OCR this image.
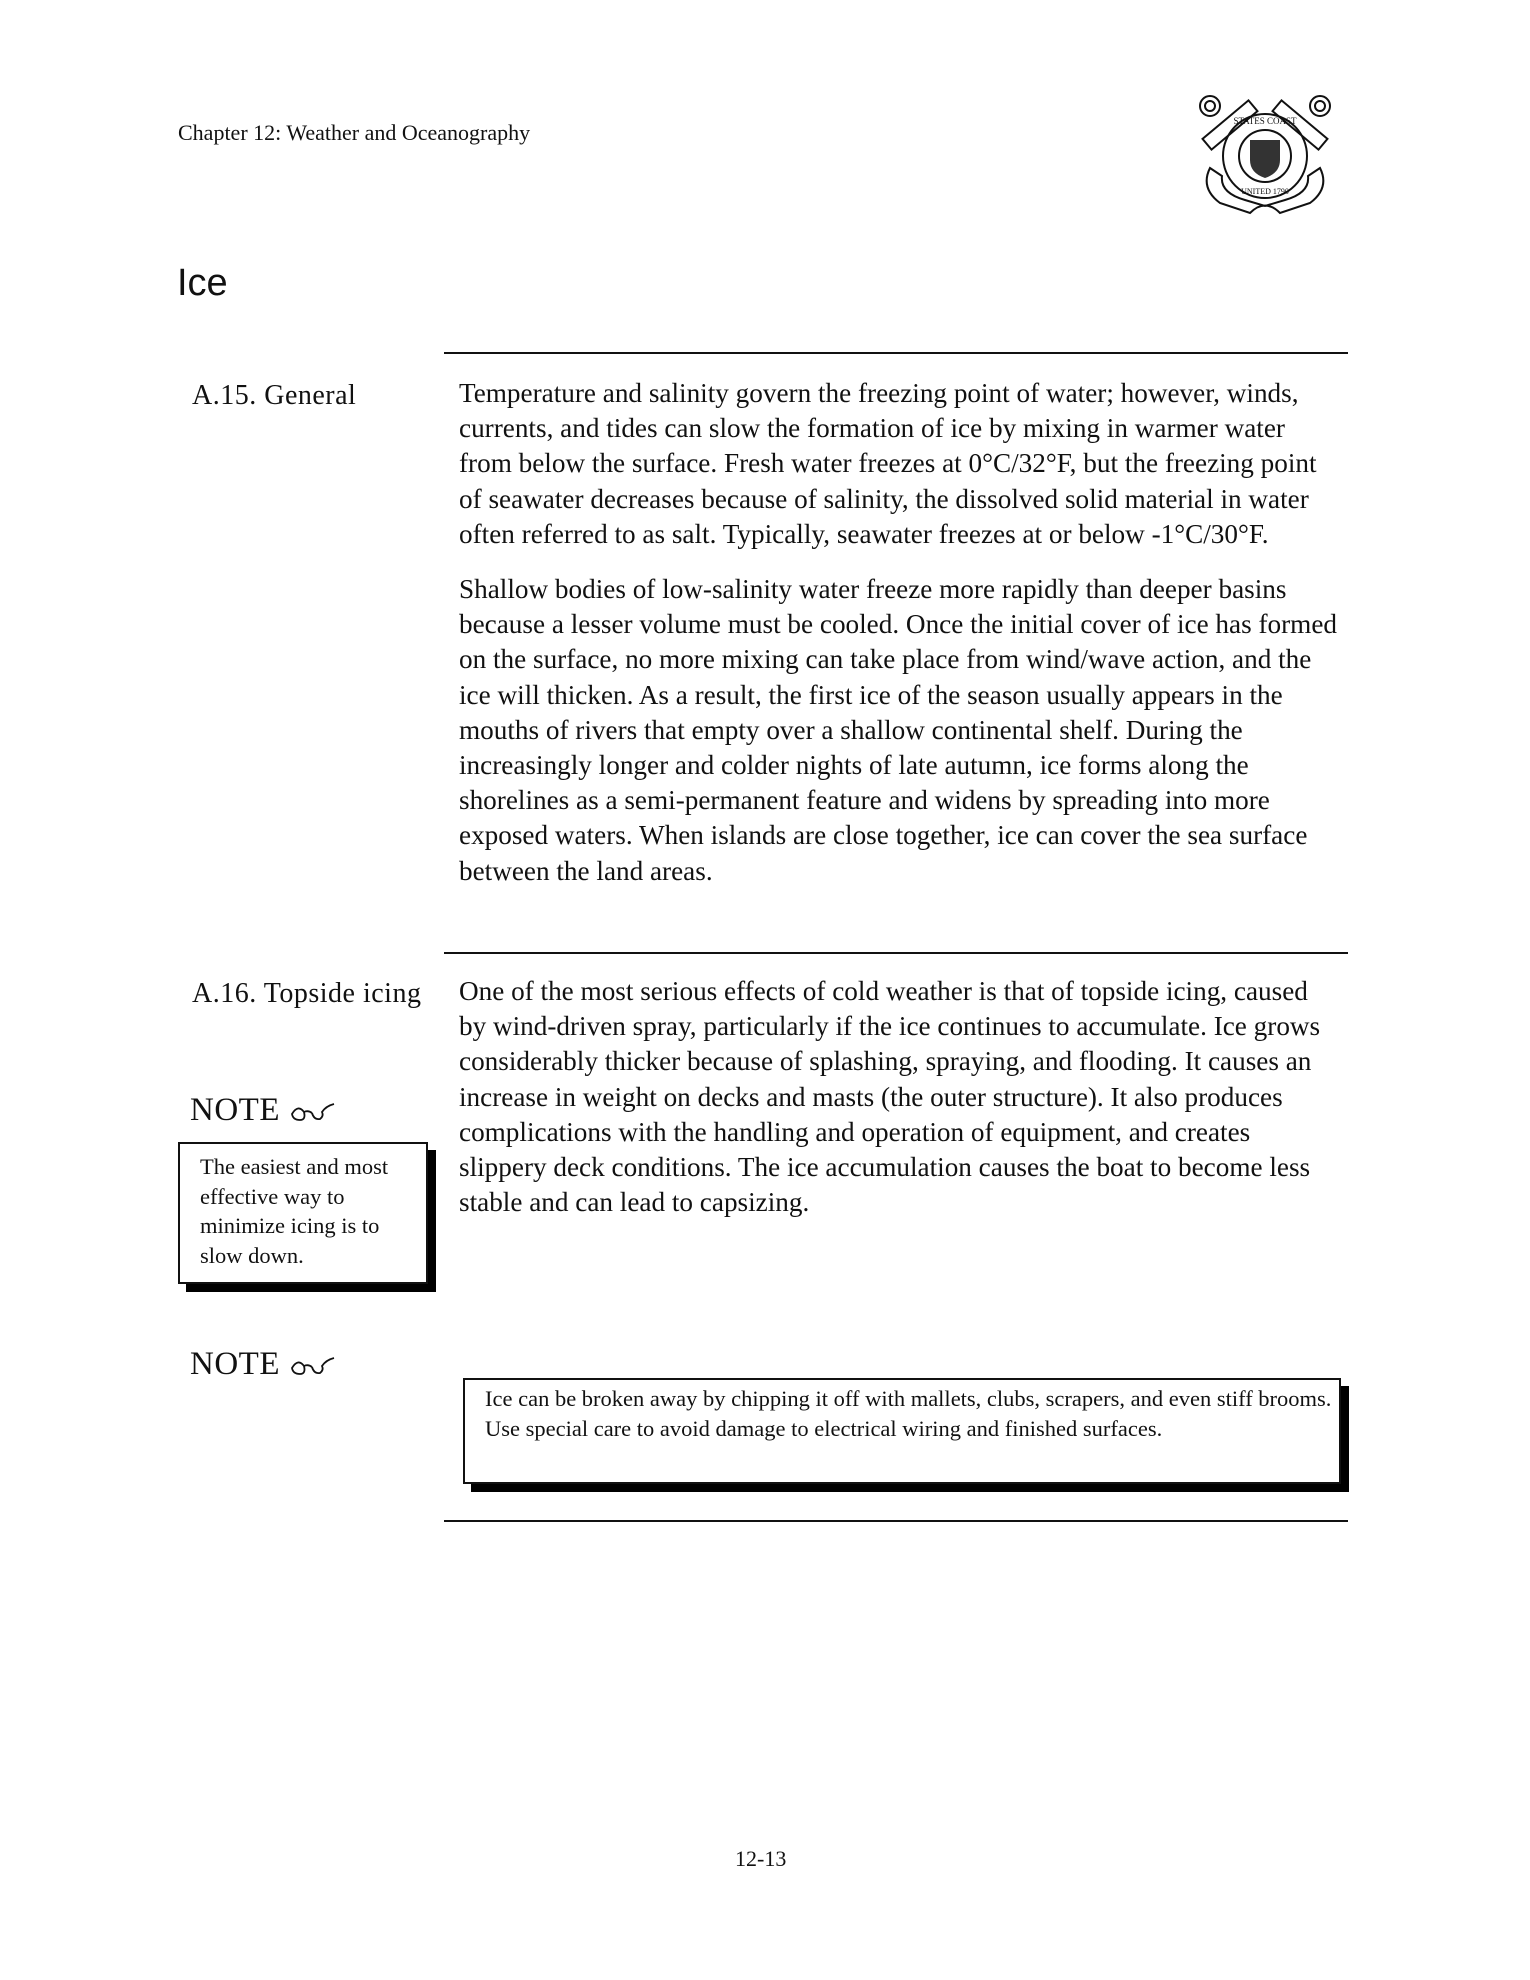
Chapter 12: Weather and Oceanography	STATES COAST
UNITED 1790
Ice
A.15. General	Temperature and salinity govern the freezing point of water; however, winds, currents, and tides can slow the formation of ice by mixing in warmer water from below the surface. Fresh water freezes at 0°C/32°F, but the freezing point of seawater decreases because of salinity, the dissolved solid material in water often referred to as salt. Typically, seawater freezes at or below -1°C/30°F.

Shallow bodies of low-salinity water freeze more rapidly than deeper basins because a lesser volume must be cooled. Once the initial cover of ice has formed on the surface, no more mixing can take place from wind/wave action, and the ice will thicken. As a result, the first ice of the season usually appears in the mouths of rivers that empty over a shallow continental shelf. During the increasingly longer and colder nights of late autumn, ice forms along the shorelines as a semi-permanent feature and widens by spreading into more exposed waters. When islands are close together, ice can cover the sea surface between the land areas.

A.16. Topside icing One of the most serious effects of cold weather is that of topside icing, caused by wind-driven spray, particularly if the ice continues to accumulate. Ice grows considerably thicker because of splashing, spraying, and flooding. It causes an increase in weight on decks and masts (the outer structure). It also produces complications with the handling and operation of equipment, and creates slippery deck conditions. The ice accumulation causes the boat to become less stable and can lead to capsizing.

NOTE
The easiest and most effective way to minimize icing is to slow down.
NOTE
Ice can be broken away by chipping it off with mallets, clubs, scrapers, and even stiff brooms. Use special care to avoid damage to electrical wiring and finished surfaces.
12-13
